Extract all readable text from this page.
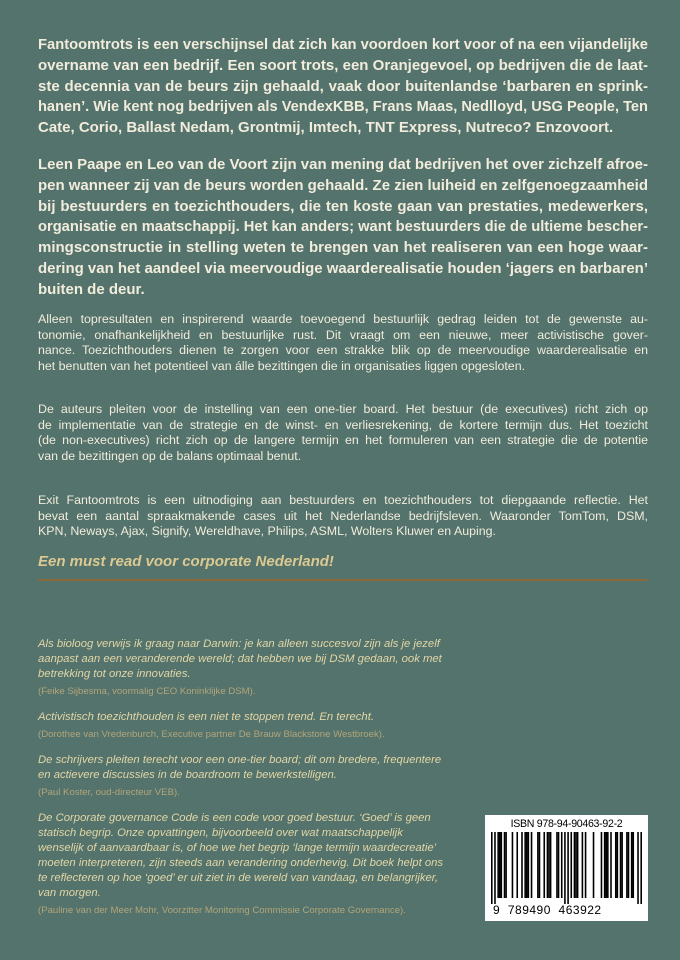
Fantoomtrots is een verschijnsel dat zich kan voordoen kort voor of na een vijandelijke
overname van een bedrijf. Een soort trots, een Oranjegevoel, op bedrijven die de laat-
ste decennia van de beurs zijn gehaald, vaak door buitenlandse ‘barbaren en sprink-
hanen’. Wie kent nog bedrijven als VendexKBB, Frans Maas, Nedlloyd, USG People, Ten
Cate, Corio, Ballast Nedam, Grontmij, Imtech, TNT Express, Nutreco? Enzovoort.
Leen Paape en Leo van de Voort zijn van mening dat bedrijven het over zichzelf afroe-
pen wanneer zij van de beurs worden gehaald. Ze zien luiheid en zelfgenoegzaamheid
bij bestuurders en toezichthouders, die ten koste gaan van prestaties, medewerkers,
organisatie en maatschappij. Het kan anders; want bestuurders die de ultieme bescher-
mingsconstructie in stelling weten te brengen van het realiseren van een hoge waar-
dering van het aandeel via meervoudige waarderealisatie houden ‘jagers en barbaren’
buiten de deur.
Alleen topresultaten en inspirerend waarde toevoegend bestuurlijk gedrag leiden tot de gewenste au-
tonomie, onafhankelijkheid en bestuurlijke rust. Dit vraagt om een nieuwe, meer activistische gover-
nance. Toezichthouders dienen te zorgen voor een strakke blik op de meervoudige waarderealisatie en
het benutten van het potentieel van álle bezittingen die in organisaties liggen opgesloten.
De auteurs pleiten voor de instelling van een one-tier board. Het bestuur (de executives) richt zich op
de implementatie van de strategie en de winst- en verliesrekening, de kortere termijn dus. Het toezicht
(de non-executives) richt zich op de langere termijn en het formuleren van een strategie die de potentie
van de bezittingen op de balans optimaal benut.
Exit Fantoomtrots is een uitnodiging aan bestuurders en toezichthouders tot diepgaande reflectie. Het
bevat een aantal spraakmakende cases uit het Nederlandse bedrijfsleven. Waaronder TomTom, DSM,
KPN, Neways, Ajax, Signify, Wereldhave, Philips, ASML, Wolters Kluwer en Auping.
Een must read voor corporate Nederland!
Als bioloog verwijs ik graag naar Darwin: je kan alleen succesvol zijn als je jezelf
aanpast aan een veranderende wereld; dat hebben we bij DSM gedaan, ook met
betrekking tot onze innovaties.
(Feike Sijbesma, voormalig CEO Koninklijke DSM).
Activistisch toezichthouden is een niet te stoppen trend. En terecht.
(Dorothee van Vredenburch, Executive partner De Brauw Blackstone Westbroek).
De schrijvers pleiten terecht voor een one-tier board; dit om bredere, frequentere
en actievere discussies in de boardroom te bewerkstelligen.
(Paul Koster, oud-directeur VEB).
De Corporate governance Code is een code voor goed bestuur. ‘Goed’ is geen
statisch begrip. Onze opvattingen, bijvoorbeeld over wat maatschappelijk
wenselijk of aanvaardbaar is, of hoe we het begrip ‘lange termijn waardecreatie’
moeten interpreteren, zijn steeds aan verandering onderhevig. Dit boek helpt ons
te reflecteren op hoe ‘goed’ er uit ziet in de wereld van vandaag, en belangrijker,
van morgen.
(Pauline van der Meer Mohr, Voorzitter Monitoring Commissie Corporate Governance).
ISBN 978-94-90463-92-2
9  789490  463922
